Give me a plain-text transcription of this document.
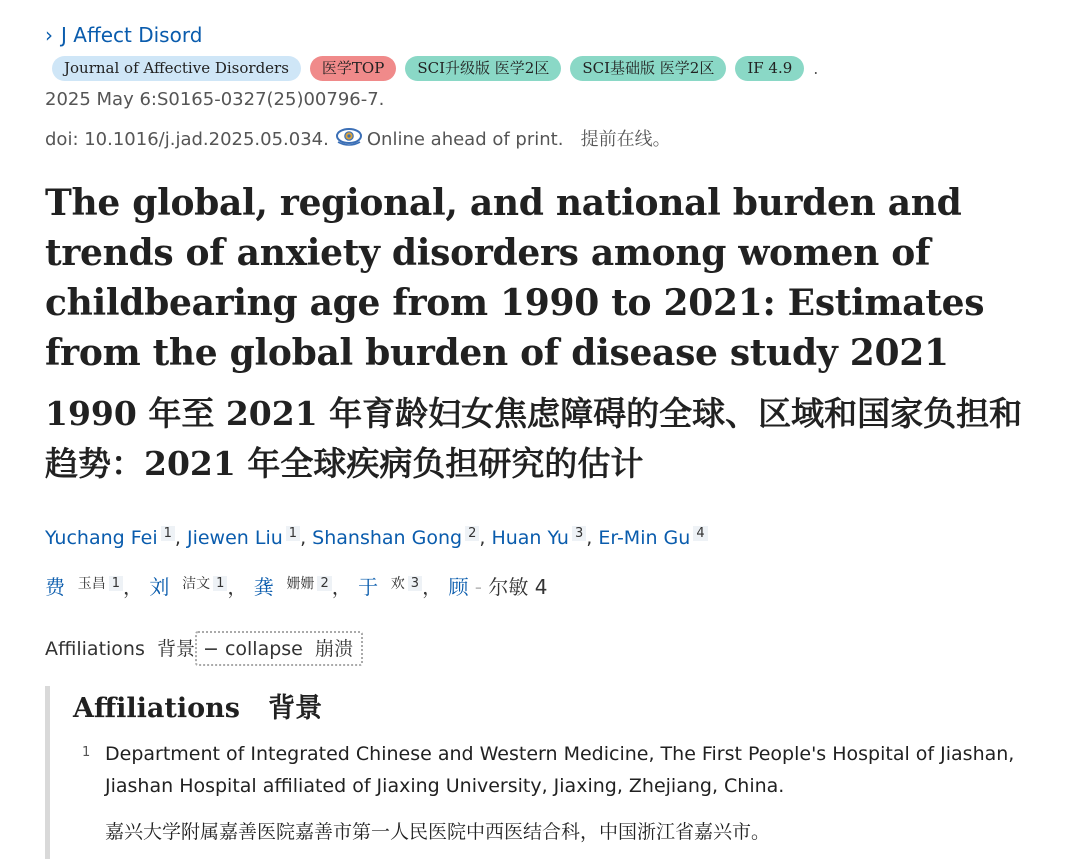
› J Affect Disord
Journal of Affective Disorders 医学TOP SCI升级版 医学2区 SCI基础版 医学2区 IF 4.9 .
2025 May 6:S0165-0327(25)00796-7.
doi: 10.1016/j.jad.2025.05.034. Online ahead of print. 提前在线。
The global, regional, and national burden and trends of anxiety disorders among women of childbearing age from 1990 to 2021: Estimates from the global burden of disease study 2021
1990 年至 2021 年育龄妇女焦虑障碍的全球、区域和国家负担和趋势：2021 年全球疾病负担研究的估计
Yuchang Fei 1 , Jiewen Liu 1 , Shanshan Gong 2 , Huan Yu 3 , Er-Min Gu 4
费 $^{玉昌}$ 1 ， 刘 $^{洁文}$ 1 ， 龚 $^{姗姗}$ 2 ， 于 $^欢$ 3 ， 顾 - 尔敏 4
Affiliations 背景 − collapse 崩溃
Affiliations 背景
1 Department of Integrated Chinese and Western Medicine, The First People's Hospital of Jiashan, Jiashan Hospital affiliated of Jiaxing University, Jiaxing, Zhejiang, China.
嘉兴大学附属嘉善医院嘉善市第一人民医院中西医结合科，中国浙江省嘉兴市。
